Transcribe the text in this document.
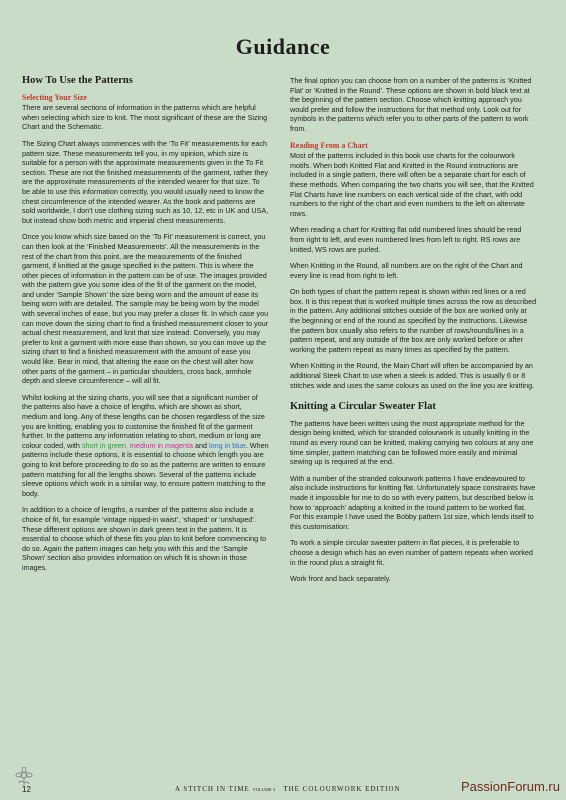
Guidance
How To Use the Patterns
Selecting Your Size

There are several sections of information in the patterns which are helpful when selecting which size to knit. The most significant of these are the Sizing Chart and the Schematic.

The Sizing Chart always commences with the ‘To Fit’ measurements for each pattern size. These measurements tell you, in my opinion, which size is suitable for a person with the approximate measurements given in the To Fit section. These are not the finished measurements of the garment, rather they are the approximate measurements of the intended wearer for that size. To be able to use this information correctly, you would usually need to know the chest circumference of the intended wearer. As the book and patterns are sold worldwide, I don’t use clothing sizing such as 10, 12, etc in UK and USA, but instead show both metric and imperial chest measurements.

Once you know which size based on the ‘To Fit’ measurement is correct, you can then look at the ‘Finished Measurements’. All the measurements in the rest of the chart from this point, are the measurements of the finished garment, if knitted at the gauge specified in the pattern. This is where the other pieces of information in the pattern can be of use. The images provided with the pattern give you some idea of the fit of the garment on the model, and under ‘Sample Shown’ the size being worn and the amount of ease its being worn with are detailed. The sample may be being worn by the model with several inches of ease, but you may prefer a closer fit. In which case you can move down the sizing chart to find a finished measurement closer to your actual chest measurement, and knit that size instead. Conversely, you may prefer to knit a garment with more ease than shown, so you can move up the sizing chart to find a finished measurement with the amount of ease you would like. Bear in mind, that altering the ease on the chest will alter how other parts of the garment – in particular shoulders, cross back, armhole depth and sleeve circumference – will all fit.

Whilst looking at the sizing charts, you will see that a significant number of the patterns also have a choice of lengths, which are shown as short, medium and long. Any of these lengths can be chosen regardless of the size you are knitting, enabling you to customise the finished fit of the garment further. In the patterns any information relating to short, medium or long are colour coded, with short in green, medium in magenta and long in blue. When patterns include these options, it is essential to choose which length you are going to knit before proceeding to do so as the patterns are written to ensure pattern matching for all the lengths shown. Several of the patterns include sleeve options which work in a similar way, to ensure pattern matching to the body.

In addition to a choice of lengths, a number of the patterns also include a choice of fit, for example ‘vintage nipped-in waist’, ‘shaped’ or ‘unshaped’. These different options are shown in dark green text in the pattern. It is essential to choose which of these fits you plan to knit before commencing to do so. Again the pattern images can help you with this and the ‘Sample Shown’ section also provides information on which fit is shown in those images.

The final option you can choose from on a number of the patterns is ‘Knitted Flat’ or ‘Knitted in the Round’. These options are shown in bold black text at the beginning of the pattern section. Choose which knitting approach you would prefer and follow the instructions for that method only. Look out for symbols in the patterns which refer you to other parts of the pattern to work from.

Reading From a Chart

Most of the patterns included in this book use charts for the colourwork motifs. When both Knitted Flat and Knitted in the Round instructions are included in a single pattern, there will often be a separate chart for each of these methods. When comparing the two charts you will see, that the Knitted Flat Charts have line numbers on each vertical side of the chart, with odd numbers to the right of the chart and even numbers to the left on alternate rows.

When reading a chart for Knitting flat odd numbered lines should be read from right to left, and even numbered lines from left to right. RS rows are knitted, WS rows are purled.

When Knitting in the Round, all numbers are on the right of the Chart and every line is read from right to left.

On both types of chart the pattern repeat is shown within red lines or a red box. It is this repeat that is worked multiple times across the row as described in the pattern. Any additional stitches outside of the box are worked only at the beginning or end of the round as specified by the instructions. Likewise the pattern box usually also refers to the number of rows/rounds/lines in a pattern repeat, and any outside of the box are only worked before or after working the pattern repeat as many times as specified by the pattern.

When Knitting in the Round, the Main Chart will often be accompanied by an additional Steek Chart to use when a steek is added. This is usually 6 or 8 stitches wide and uses the same colours as used on the line you are knitting.

Knitting a Circular Sweater Flat

The patterns have been written using the most appropriate method for the design being knitted, which for stranded colourwork is usually knitting in the round as every round can be knitted, making carrying two colours at any one time simpler, pattern matching can be followed more easily and minimal sewing up is required at the end.

With a number of the stranded colourwork patterns I have endeavoured to also include instructions for knitting flat. Unfortunately space constraints have made it impossible for me to do so with every pattern, but described below is how to ‘approach’ adapting a knitted in the round pattern to be worked flat. For this example I have used the Bobby pattern 1st size, which lends itself to this customisation:

To work a simple circular sweater pattern in flat pieces, it is preferable to choose a design which has an even number of pattern repeats when worked in the round plus a straight fit.

Work front and back separately.

12	A STITCH IN TIME VOLUME 3 THE COLOURWORK EDITION	PassionForum.ru
